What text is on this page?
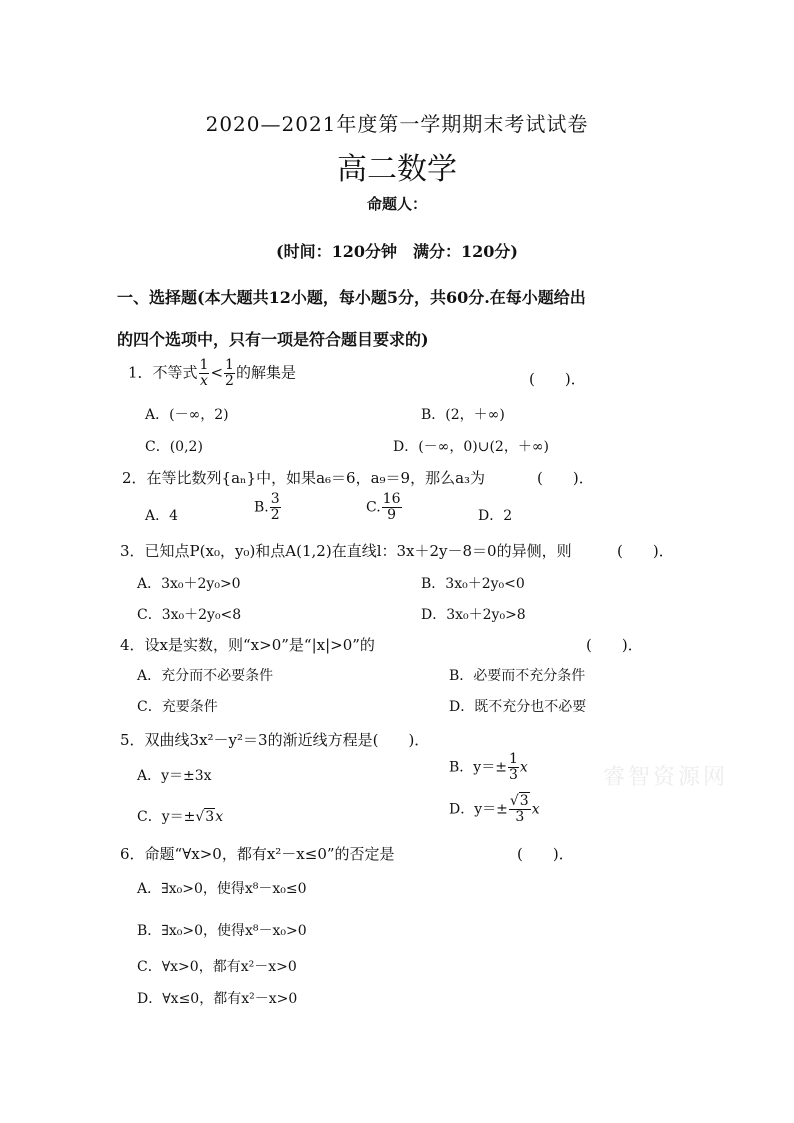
2020—2021年度第一学期期末考试试卷
高二数学
命题人：
(时间：120分钟　满分：120分)
一、选择题(本大题共12小题，每小题5分，共60分.在每小题给出
的四个选项中，只有一项是符合题目要求的)
1．不等式 $\frac{1}{x} < \frac{1}{2}$ 的解集是	(　　)．
A．(－∞，2)	B．(2，＋∞)
C．(0,2)	D．(－∞，0)∪(2，＋∞)
2．在等比数列{aₙ}中，如果a₆＝6，a₉＝9，那么a₃为	(　　)．
A．4
B. $\frac{3}{2}$	C. $\frac{16}{9}$	D．2
3．已知点P(x₀，y₀)和点A(1,2)在直线l：3x＋2y－8＝0的异侧，则	(　　)．
A．3x₀＋2y₀>0	B．3x₀＋2y₀<0
C．3x₀＋2y₀<8	D．3x₀＋2y₀>8
4．设x是实数，则“x>0”是“|x|>0”的	(　　)．
A．充分而不必要条件	B．必要而不充分条件
C．充要条件	D．既不充分也不必要
5．双曲线3x²－y²＝3的渐近线方程是(　　)．
A．y＝±3x
B．$y=\pm \frac{1}{3}$ x
C．y＝±√3x	D．$y=\pm \frac{√3}{3}$ x
6．命题“∀x>0，都有x²－x≤0”的否定是	(　　)．
A．∃x₀>0，使得x⁸－x₀≤0
B．∃x₀>0，使得x⁸－x₀>0
C．∀x>0，都有x²－x>0
D．∀x≤0，都有x²－x>0
睿智资源网
